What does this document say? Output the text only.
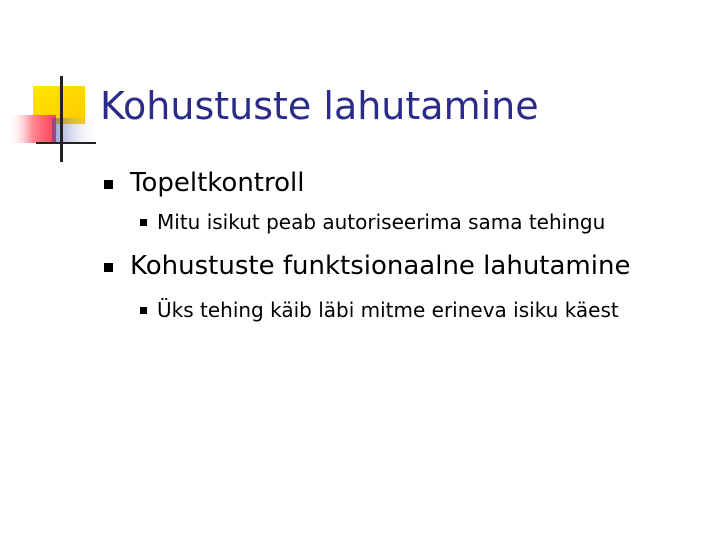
Kohustuste lahutamine
Topeltkontroll
Mitu isikut peab autoriseerima sama tehingu
Kohustuste funktsionaalne lahutamine
Üks tehing käib läbi mitme erineva isiku käest
